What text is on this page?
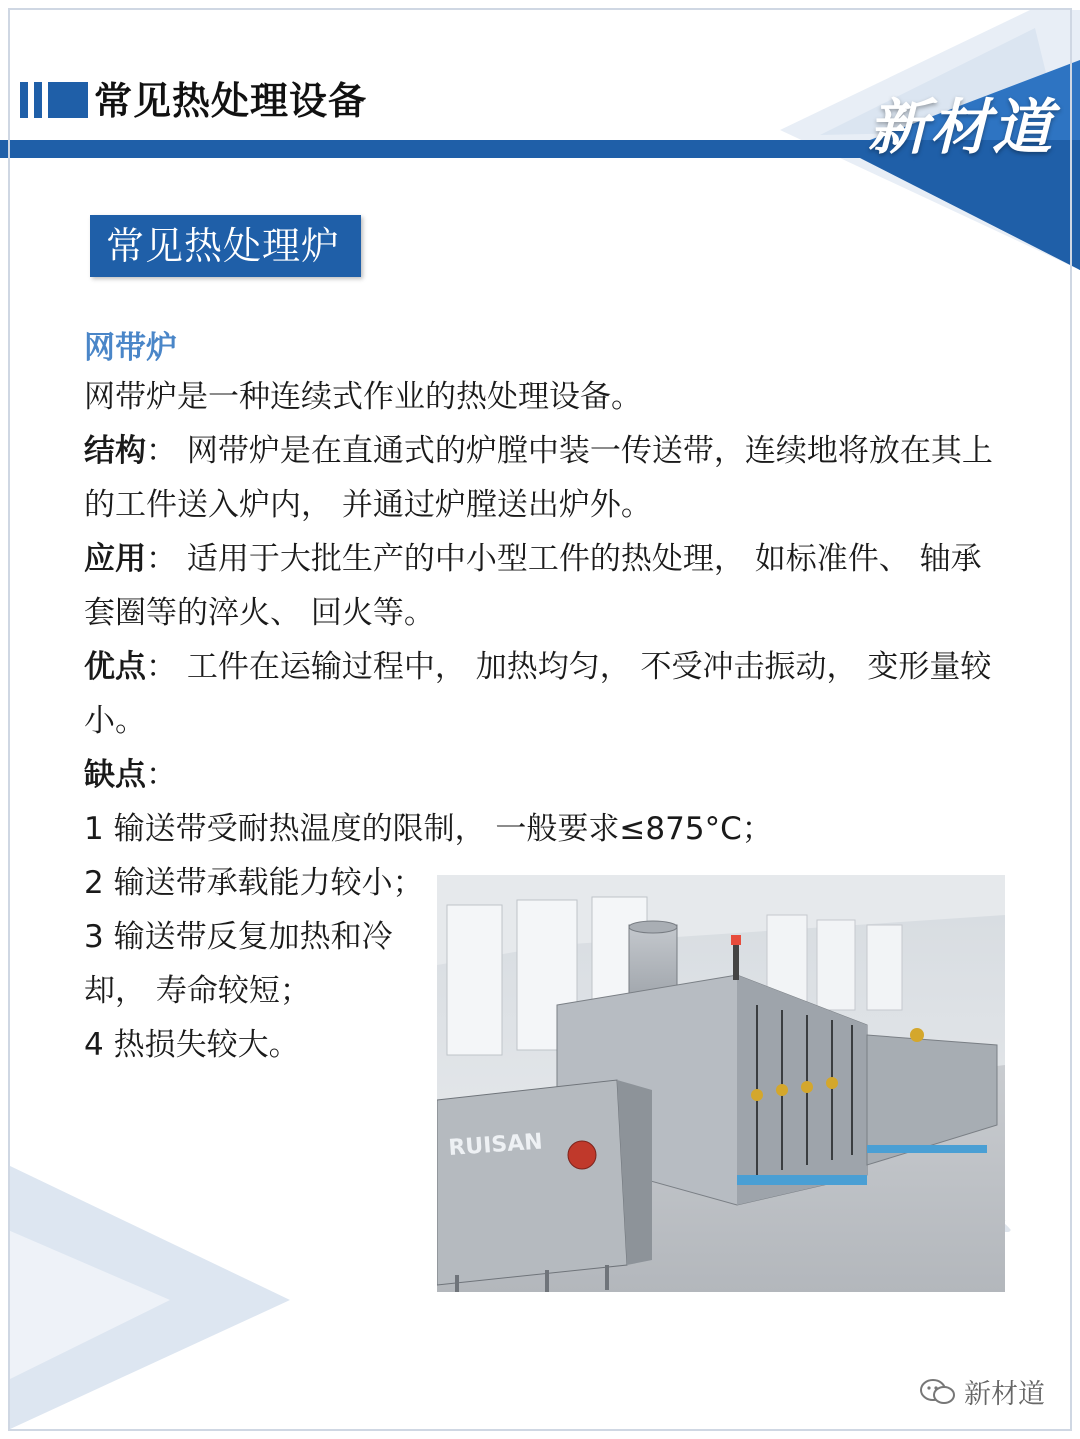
常见热处理设备	新材道
常见热处理炉
网带炉

网带炉是一种连续式作业的热处理设备。

结构： 网带炉是在直通式的炉膛中装一传送带，连续地将放在其上的工件送入炉内， 并通过炉膛送出炉外。

应用： 适用于大批生产的中小型工件的热处理， 如标准件、 轴承套圈等的淬火、 回火等。

优点： 工件在运输过程中， 加热均匀， 不受冲击振动， 变形量较小。

缺点：

1 输送带受耐热温度的限制， 一般要求≤875°C；

2 输送带承载能力较小；

3 输送带反复加热和冷却， 寿命较短；

4 热损失较大。

RUISAN
新材道
